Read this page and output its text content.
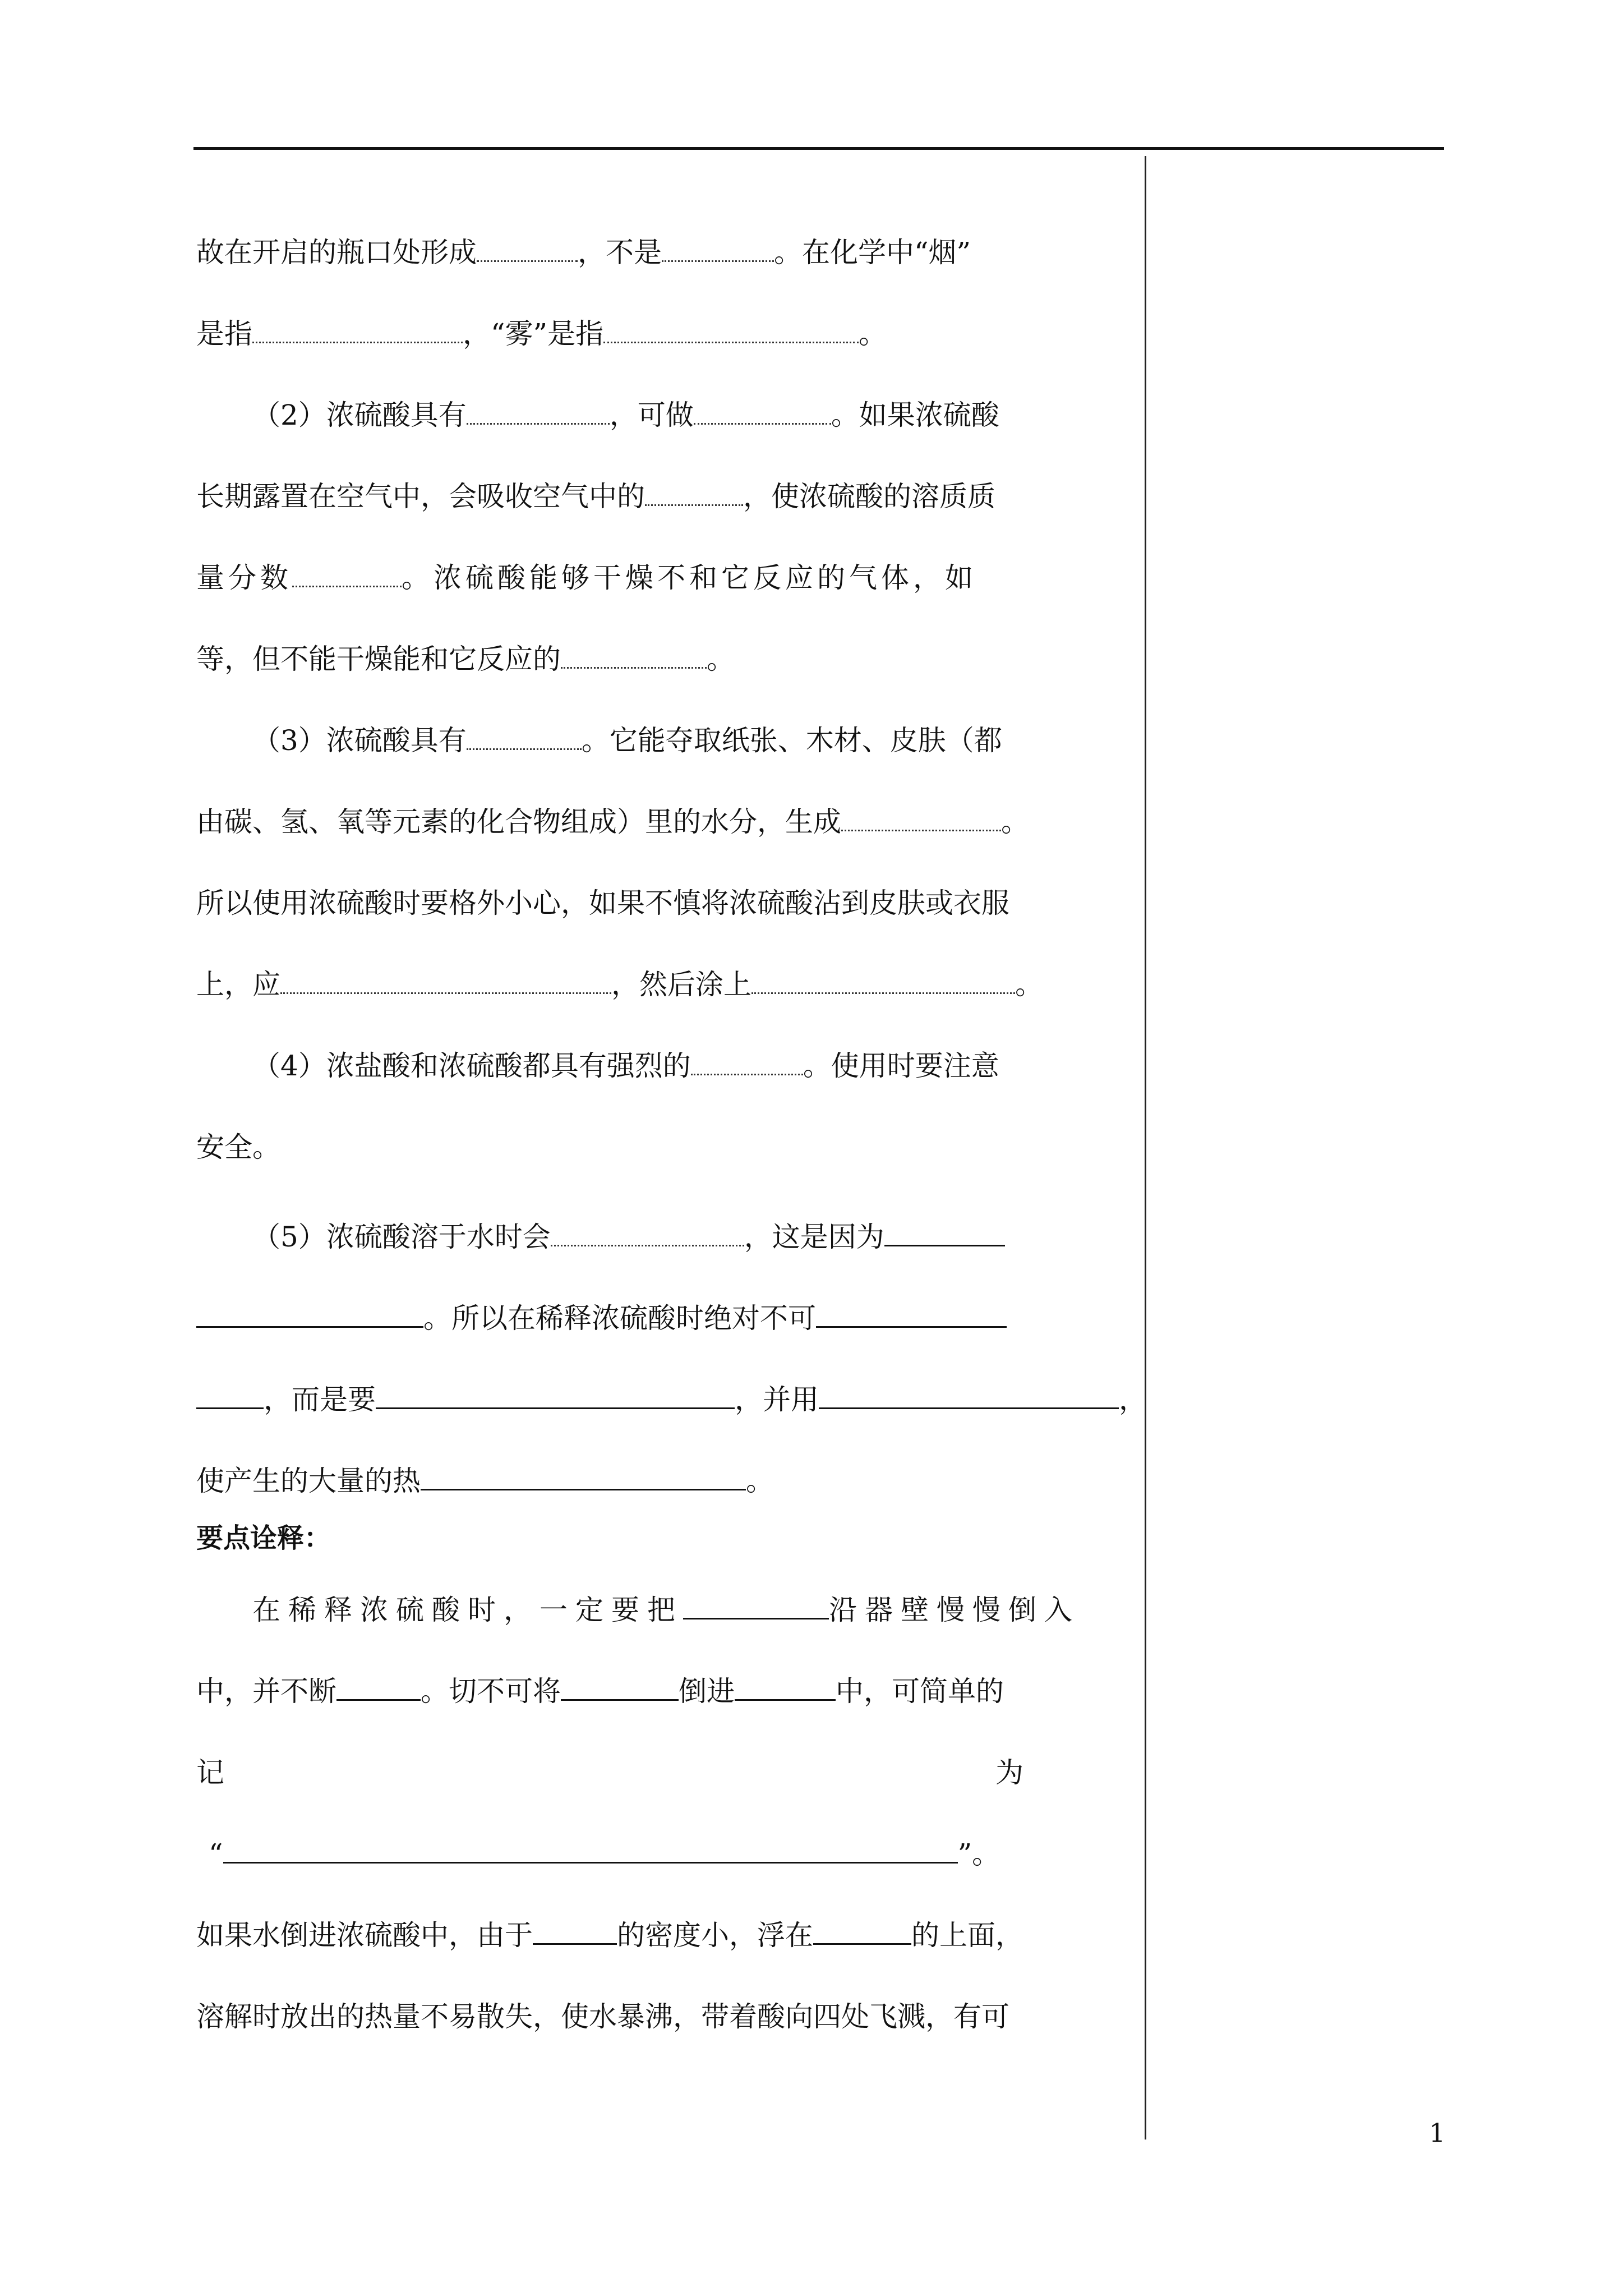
故在开启的瓶口处形成	，不是	。在化学中“烟”
是指	，“雾”是指	。
（2）浓硫酸具有	，可做	。如果浓硫酸
长期露置在空气中，会吸收空气中的	，使浓硫酸的溶质质
量分数	。浓硫酸能够干燥不和它反应的气体，如
等，但不能干燥能和它反应的	。
（3）浓硫酸具有	。它能夺取纸张、木材、皮肤（都
由碳、氢、氧等元素的化合物组成）里的水分，生成	。
所以使用浓硫酸时要格外小心，如果不慎将浓硫酸沾到皮肤或衣服
上，应	，然后涂上	。
（4）浓盐酸和浓硫酸都具有强烈的	。使用时要注意
安全。
（5）浓硫酸溶于水时会	，这是因为
。所以在稀释浓硫酸时绝对不可
，而是要	，并用	，
使产生的大量的热	。
要点诠释：
在稀释浓硫酸时，一定要把	沿器壁慢慢倒入
中，并不断	。切不可将	倒进	中，可简单的
记	为
“	”。
如果水倒进浓硫酸中，由于	的密度小，浮在	的上面，
溶解时放出的热量不易散失，使水暴沸，带着酸向四处飞溅，有可
1
